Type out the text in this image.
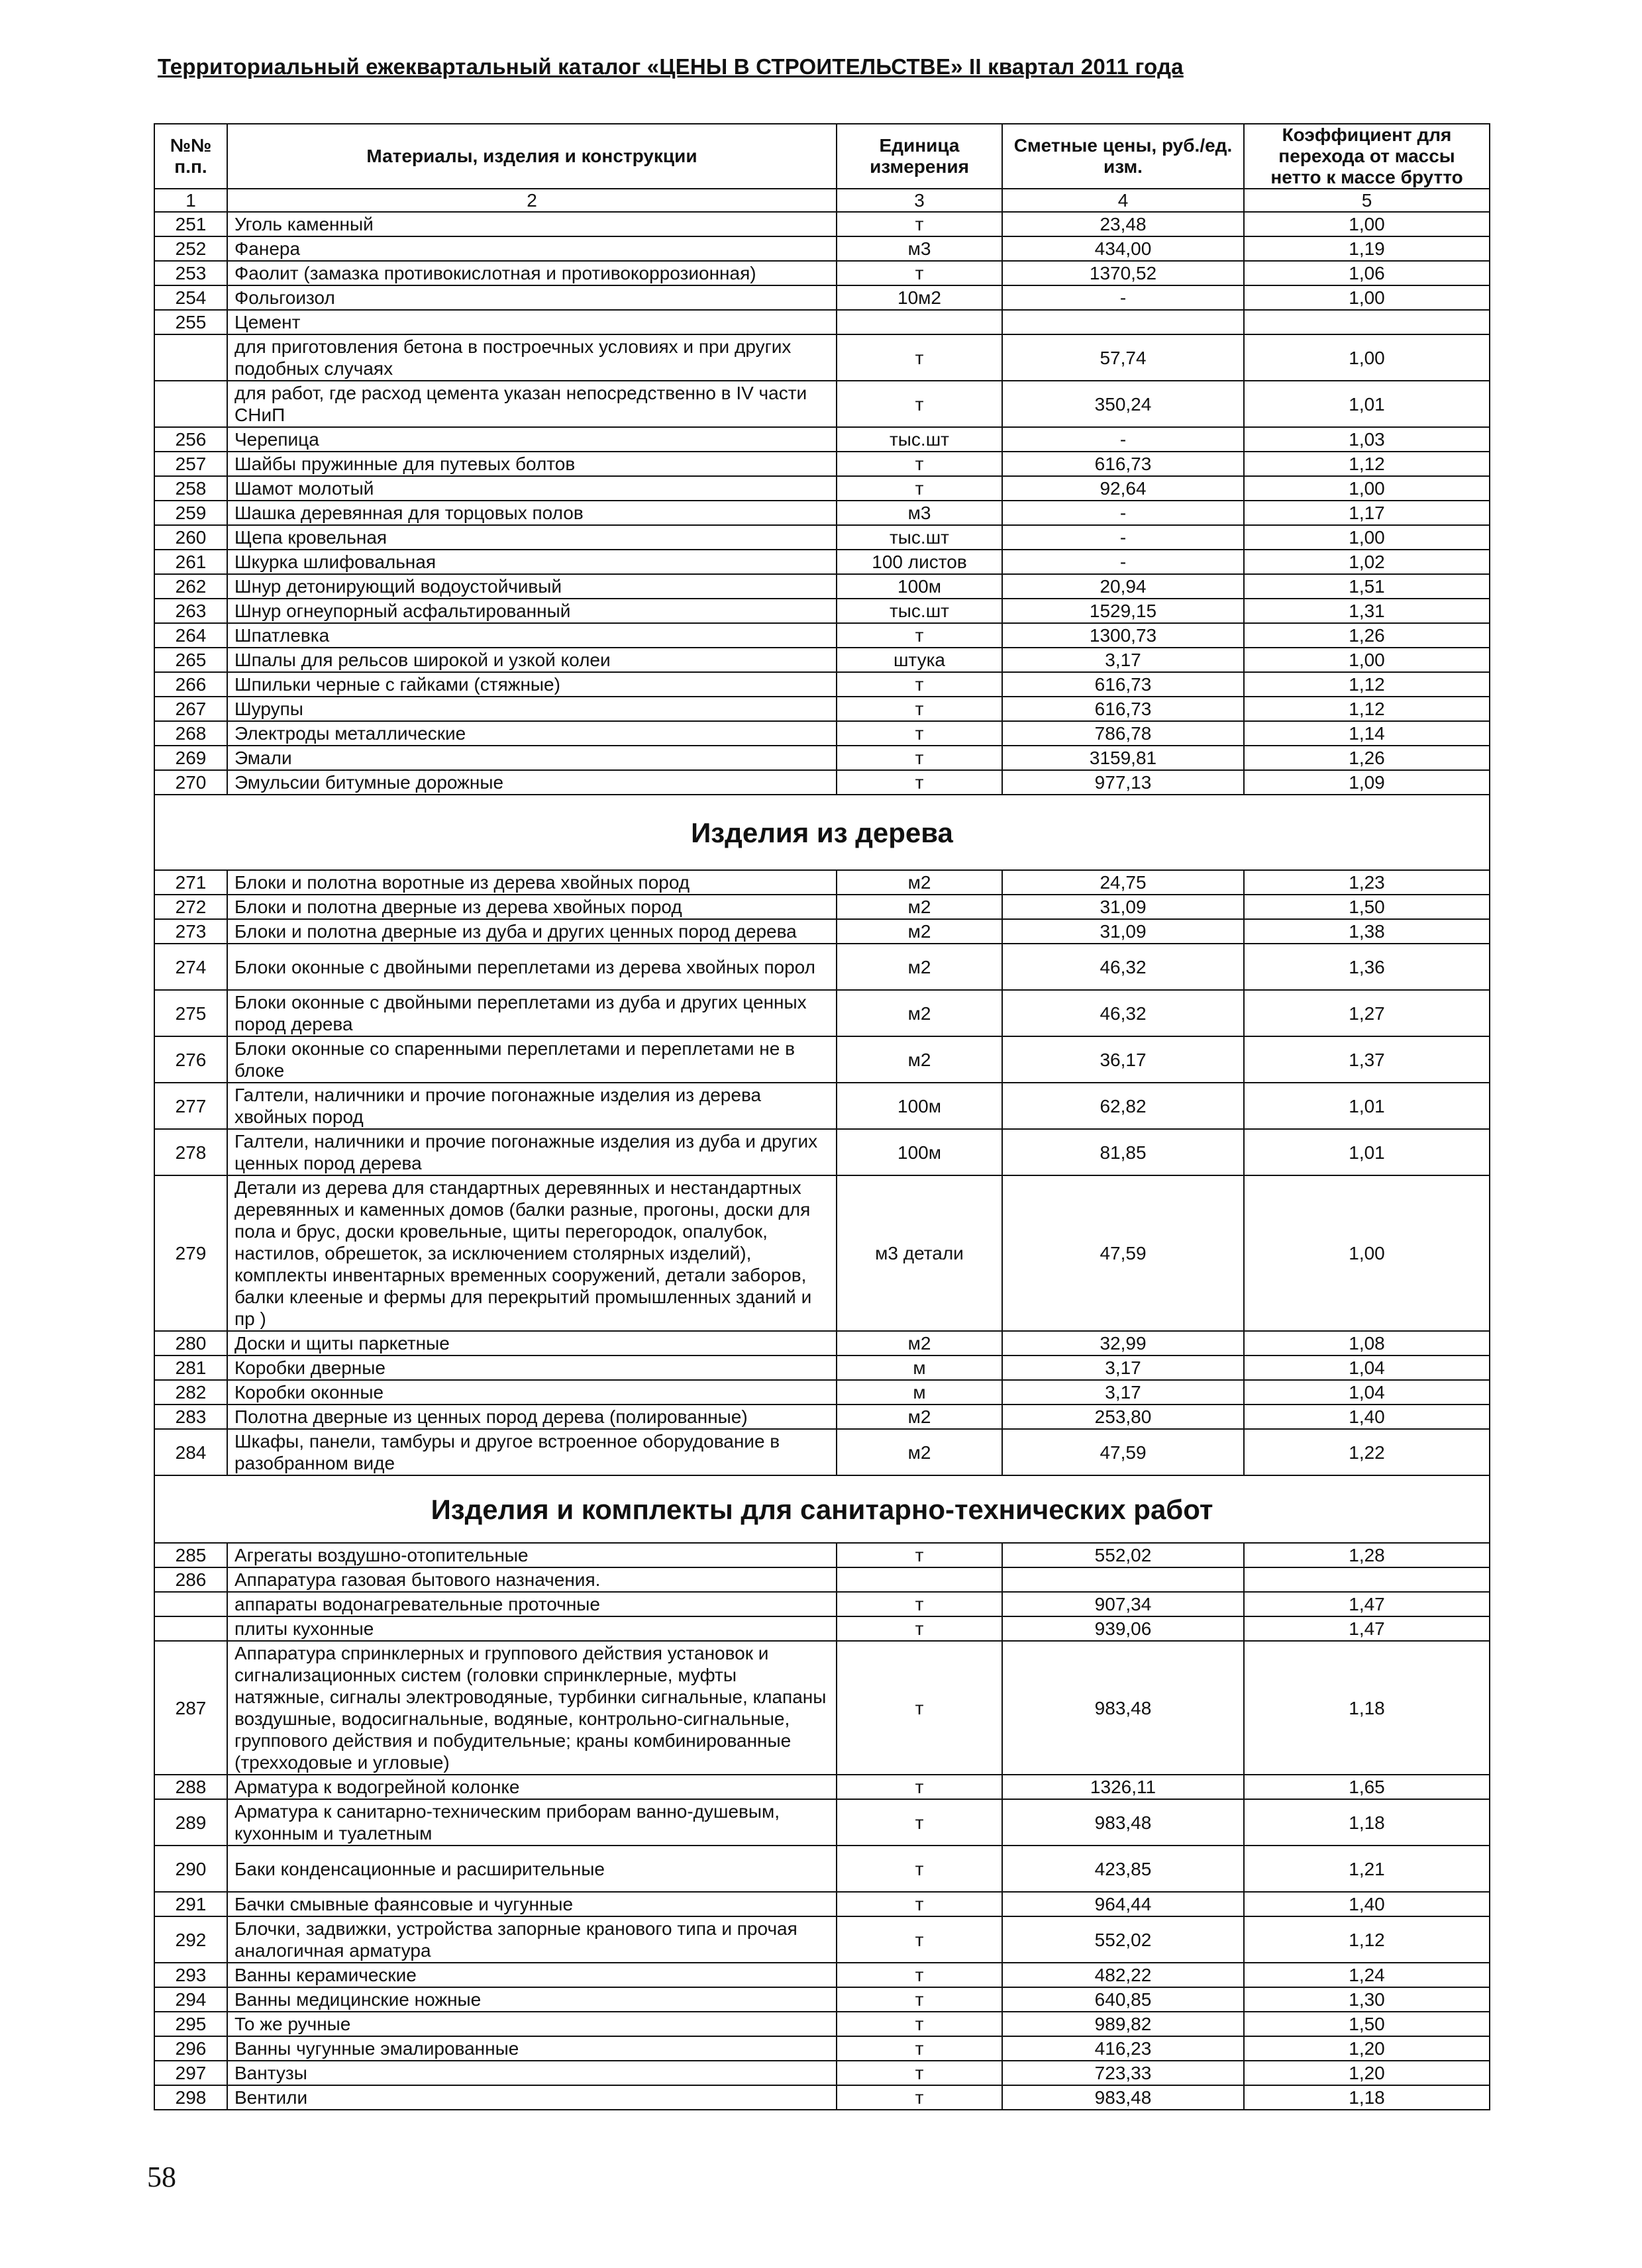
Территориальный ежеквартальный каталог «ЦЕНЫ В СТРОИТЕЛЬСТВЕ» II квартал 2011 года
№№ п.п.	Материалы, изделия и конструкции	Единица измерения	Сметные цены, руб./ед. изм.	Коэффициент для перехода от массы нетто к массе брутто
1	2	3	4	5
251	Уголь каменный	т	23,48	1,00
252	Фанера	м3	434,00	1,19
253	Фаолит (замазка противокислотная и противокоррозионная)	т	1370,52	1,06
254	Фольгоизол	10м2	-	1,00
255	Цемент			
	для приготовления бетона в построечных условиях и при других подобных случаях	т	57,74	1,00
	для работ, где расход цемента указан непосредственно в IV части СНиП	т	350,24	1,01
256	Черепица	тыс.шт	-	1,03
257	Шайбы пружинные для путевых болтов	т	616,73	1,12
258	Шамот молотый	т	92,64	1,00
259	Шашка деревянная для торцовых полов	м3	-	1,17
260	Щепа кровельная	тыс.шт	-	1,00
261	Шкурка шлифовальная	100 листов	-	1,02
262	Шнур детонирующий водоустойчивый	100м	20,94	1,51
263	Шнур огнеупорный асфальтированный	тыс.шт	1529,15	1,31
264	Шпатлевка	т	1300,73	1,26
265	Шпалы для рельсов широкой и узкой колеи	штука	3,17	1,00
266	Шпильки черные с гайками (стяжные)	т	616,73	1,12
267	Шурупы	т	616,73	1,12
268	Электроды металлические	т	786,78	1,14
269	Эмали	т	3159,81	1,26
270	Эмульсии битумные дорожные	т	977,13	1,09
Изделия из дерева				
271	Блоки и полотна воротные из дерева хвойных пород	м2	24,75	1,23
272	Блоки и полотна дверные из дерева хвойных пород	м2	31,09	1,50
273	Блоки и полотна дверные из дуба и других ценных пород дерева	м2	31,09	1,38
274	Блоки оконные с двойными переплетами из дерева хвойных порол	м2	46,32	1,36
275	Блоки оконные с двойными переплетами из дуба и других ценных пород дерева	м2	46,32	1,27
276	Блоки оконные со спаренными переплетами и переплетами не в блоке	м2	36,17	1,37
277	Галтели, наличники и прочие погонажные изделия из дерева хвойных пород	100м	62,82	1,01
278	Галтели, наличники и прочие погонажные изделия из дуба и других ценных пород дерева	100м	81,85	1,01
279	Детали из дерева для стандартных деревянных и нестандартных деревянных и каменных домов (балки разные, прогоны, доски для пола и брус, доски кровельные, щиты перегородок, опалубок, настилов, обрешеток, за исключением столярных изделий), комплекты инвентарных временных сооружений, детали заборов, балки клееные и фермы для перекрытий промышленных зданий и пр )	м3 детали	47,59	1,00
280	Доски и щиты паркетные	м2	32,99	1,08
281	Коробки дверные	м	3,17	1,04
282	Коробки оконные	м	3,17	1,04
283	Полотна дверные из ценных пород дерева (полированные)	м2	253,80	1,40
284	Шкафы, панели, тамбуры и другое встроенное оборудование в разобранном виде	м2	47,59	1,22
Изделия и комплекты для санитарно-технических работ				
285	Агрегаты воздушно-отопительные	т	552,02	1,28
286	Аппаратура газовая бытового назначения.			
	аппараты водонагревательные проточные	т	907,34	1,47
	плиты кухонные	т	939,06	1,47
287	Аппаратура спринклерных и группового действия установок и сигнализационных систем (головки спринклерные, муфты натяжные, сигналы электроводяные, турбинки сигнальные, клапаны воздушные, водосигнальные, водяные, контрольно-сигнальные, группового действия и побудительные; краны комбинированные (трехходовые и угловые)	т	983,48	1,18
288	Арматура к водогрейной колонке	т	1326,11	1,65
289	Арматура к санитарно-техническим приборам ванно-душевым, кухонным и туалетным	т	983,48	1,18
290	Баки конденсационные и расширительные	т	423,85	1,21
291	Бачки смывные фаянсовые и чугунные	т	964,44	1,40
292	Блочки, задвижки, устройства запорные кранового типа и прочая аналогичная арматура	т	552,02	1,12
293	Ванны керамические	т	482,22	1,24
294	Ванны медицинские ножные	т	640,85	1,30
295	То же ручные	т	989,82	1,50
296	Ванны чугунные эмалированные	т	416,23	1,20
297	Вантузы	т	723,33	1,20
298	Вентили	т	983,48	1,18
58
